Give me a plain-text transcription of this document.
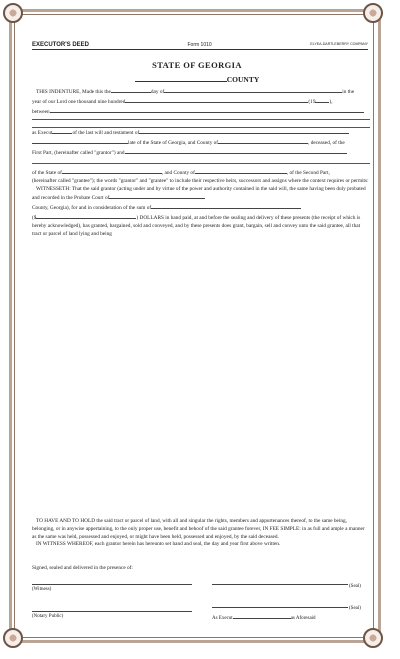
EXECUTOR'S DEED	Form 1010	ELYEA-DARTLEBERRY COMPANY
STATE OF GEORGIA
COUNTY
THIS INDENTURE, Made this the	day of	in the
year of our Lord one thousand nine hundred	(19	),
between
as Execut	of the last will and testament of
late of the State of Georgia, and County of	, deceased, of the
First Part, (hereinafter called "grantor") and
of the State of	, and County of	, of the Second Part,
(hereinafter called "grantee"); the words "grantor" and "grantee" to include their respective heirs, successors and assigns where the context requires or permits:
WITNESSETH: That the said grantor (acting under and by virtue of the power and authority contained in the said will, the same having been duly probated and recorded in the Probate Court of
County, Georgia), for and in consideration of the sum of
($	) DOLLARS in hand paid, at and before the sealing and delivery of these presents (the receipt of which is hereby acknowledged), has granted, bargained, sold and conveyed, and by these presents does grant, bargain, sell and convey unto the said grantee, all that tract or parcel of land lying and being
TO HAVE AND TO HOLD the said tract or parcel of land, with all and singular the rights, members and appurtenances thereof, to the same being, belonging, or in anywise appertaining, to the only proper use, benefit and behoof of the said grantee forever, IN FEE SIMPLE: in as full and ample a manner as the same was held, possessed and enjoyed, or might have been held, possessed and enjoyed, by the said deceased.
IN WITNESS WHEREOF, each grantor herein has hereunto set hand and seal, the day and year first above written.
Signed, sealed and delivered in the presence of:
(Seal)
(Witness)
(Seal)
(Notary Public)	As Execut	as Aforesaid
